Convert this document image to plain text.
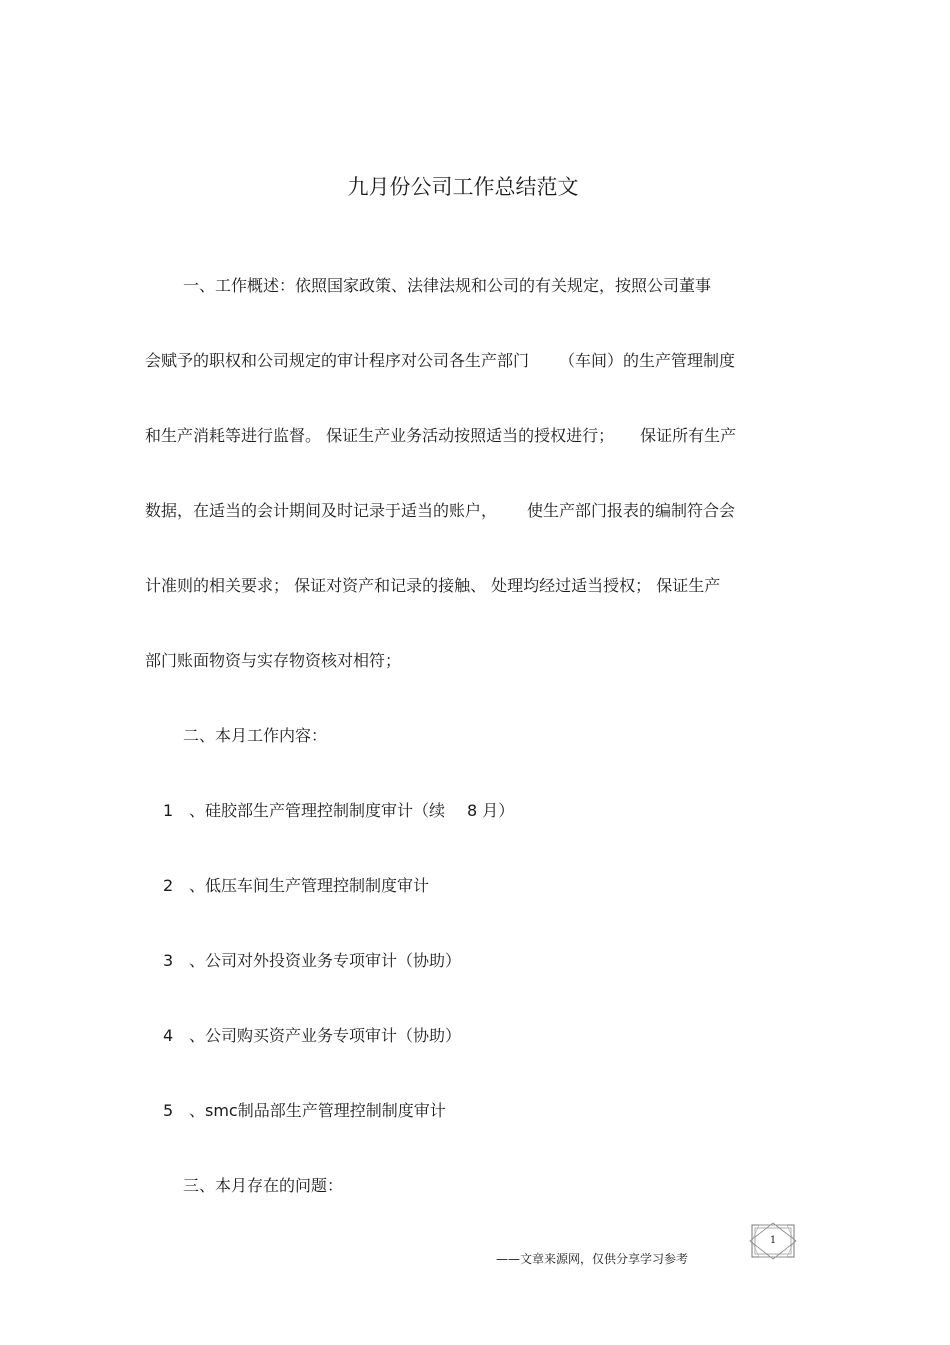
九月份公司工作总结范文
一、工作概述：依照国家政策、法律法规和公司的有关规定，按照公司董事
会赋予的职权和公司规定的审计程序对公司各生产部门 （车间）的生产管理制度
和生产消耗等进行监督。 保证生产业务活动按照适当的授权进行； 保证所有生产
数据，在适当的会计期间及时记录于适当的账户， 使生产部门报表的编制符合会
计准则的相关要求； 保证对资产和记录的接触、 处理均经过适当授权； 保证生产
部门账面物资与实存物资核对相符；
二、本月工作内容：
1 、硅胶部生产管理控制制度审计（续 8 月）
2 、低压车间生产管理控制制度审计
3 、公司对外投资业务专项审计（协助）
4 、公司购买资产业务专项审计（协助）
5 、smc制品部生产管理控制制度审计
三、本月存在的问题：
——文章来源网，仅供分享学习参考
1
